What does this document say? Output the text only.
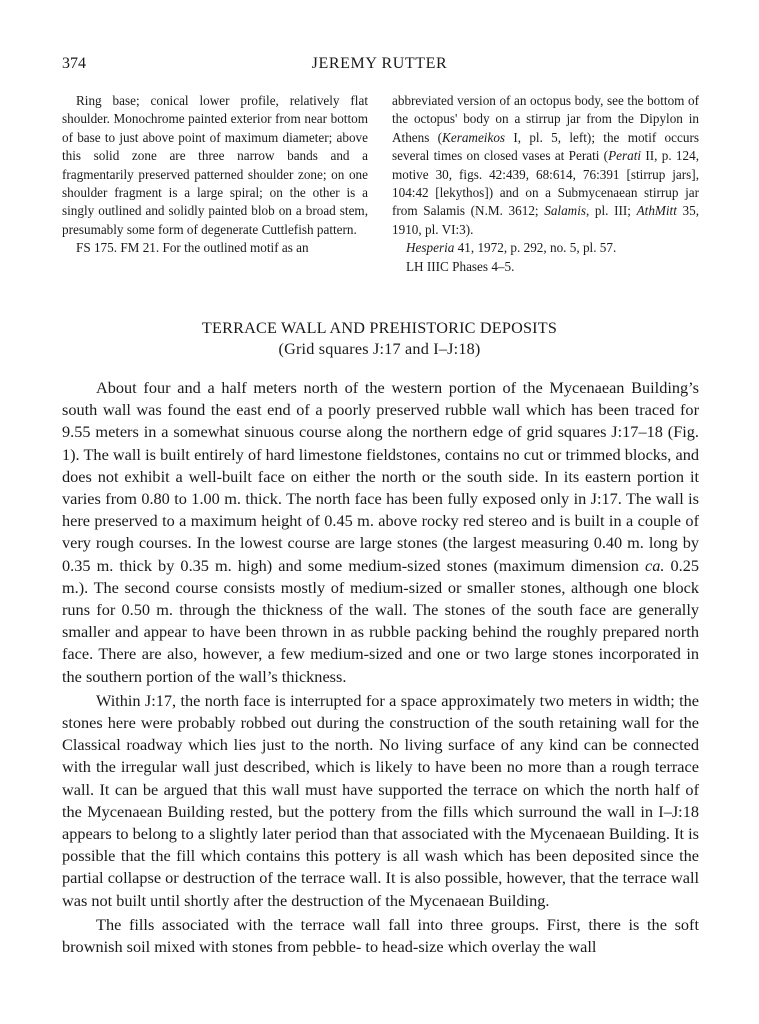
374	JEREMY RUTTER

Ring base; conical lower profile, relatively flat shoulder. Monochrome painted exterior from near bottom of base to just above point of maximum diameter; above this solid zone are three narrow bands and a fragmentarily preserved patterned shoulder zone; on one shoulder fragment is a large spiral; on the other is a singly outlined and solidly painted blob on a broad stem, presumably some form of degenerate Cuttlefish pattern.

FS 175. FM 21. For the outlined motif as an

abbreviated version of an octopus body, see the bottom of the octopus' body on a stirrup jar from the Dipylon in Athens (Kerameikos I, pl. 5, left); the motif occurs several times on closed vases at Perati (Perati II, p. 124, motive 30, figs. 42:439, 68:614, 76:391 [stirrup jars], 104:42 [lekythos]) and on a Submycenaean stirrup jar from Salamis (N.M. 3612; Salamis, pl. III; AthMitt 35, 1910, pl. VI:3).

Hesperia 41, 1972, p. 292, no. 5, pl. 57.

LH IIIC Phases 4–5.

TERRACE WALL AND PREHISTORIC DEPOSITS
(Grid squares J:17 and I–J:18)

About four and a half meters north of the western portion of the Mycenaean Building’s south wall was found the east end of a poorly preserved rubble wall which has been traced for 9.55 meters in a somewhat sinuous course along the northern edge of grid squares J:17–18 (Fig. 1). The wall is built entirely of hard limestone fieldstones, contains no cut or trimmed blocks, and does not exhibit a well-built face on either the north or the south side. In its eastern portion it varies from 0.80 to 1.00 m. thick. The north face has been fully exposed only in J:17. The wall is here preserved to a maximum height of 0.45 m. above rocky red stereo and is built in a couple of very rough courses. In the lowest course are large stones (the largest measuring 0.40 m. long by 0.35 m. thick by 0.35 m. high) and some medium-sized stones (maximum dimension ca. 0.25 m.). The second course consists mostly of medium-sized or smaller stones, although one block runs for 0.50 m. through the thickness of the wall. The stones of the south face are generally smaller and appear to have been thrown in as rubble packing behind the roughly prepared north face. There are also, however, a few medium-sized and one or two large stones incorporated in the southern portion of the wall’s thickness.

Within J:17, the north face is interrupted for a space approximately two meters in width; the stones here were probably robbed out during the construction of the south retaining wall for the Classical roadway which lies just to the north. No living surface of any kind can be connected with the irregular wall just described, which is likely to have been no more than a rough terrace wall. It can be argued that this wall must have supported the terrace on which the north half of the Mycenaean Building rested, but the pottery from the fills which surround the wall in I–J:18 appears to belong to a slightly later period than that associated with the Mycenaean Building. It is possible that the fill which contains this pottery is all wash which has been deposited since the partial collapse or destruction of the terrace wall. It is also possible, however, that the terrace wall was not built until shortly after the destruction of the Mycenaean Building.

The fills associated with the terrace wall fall into three groups. First, there is the soft brownish soil mixed with stones from pebble- to head-size which overlay the wall
